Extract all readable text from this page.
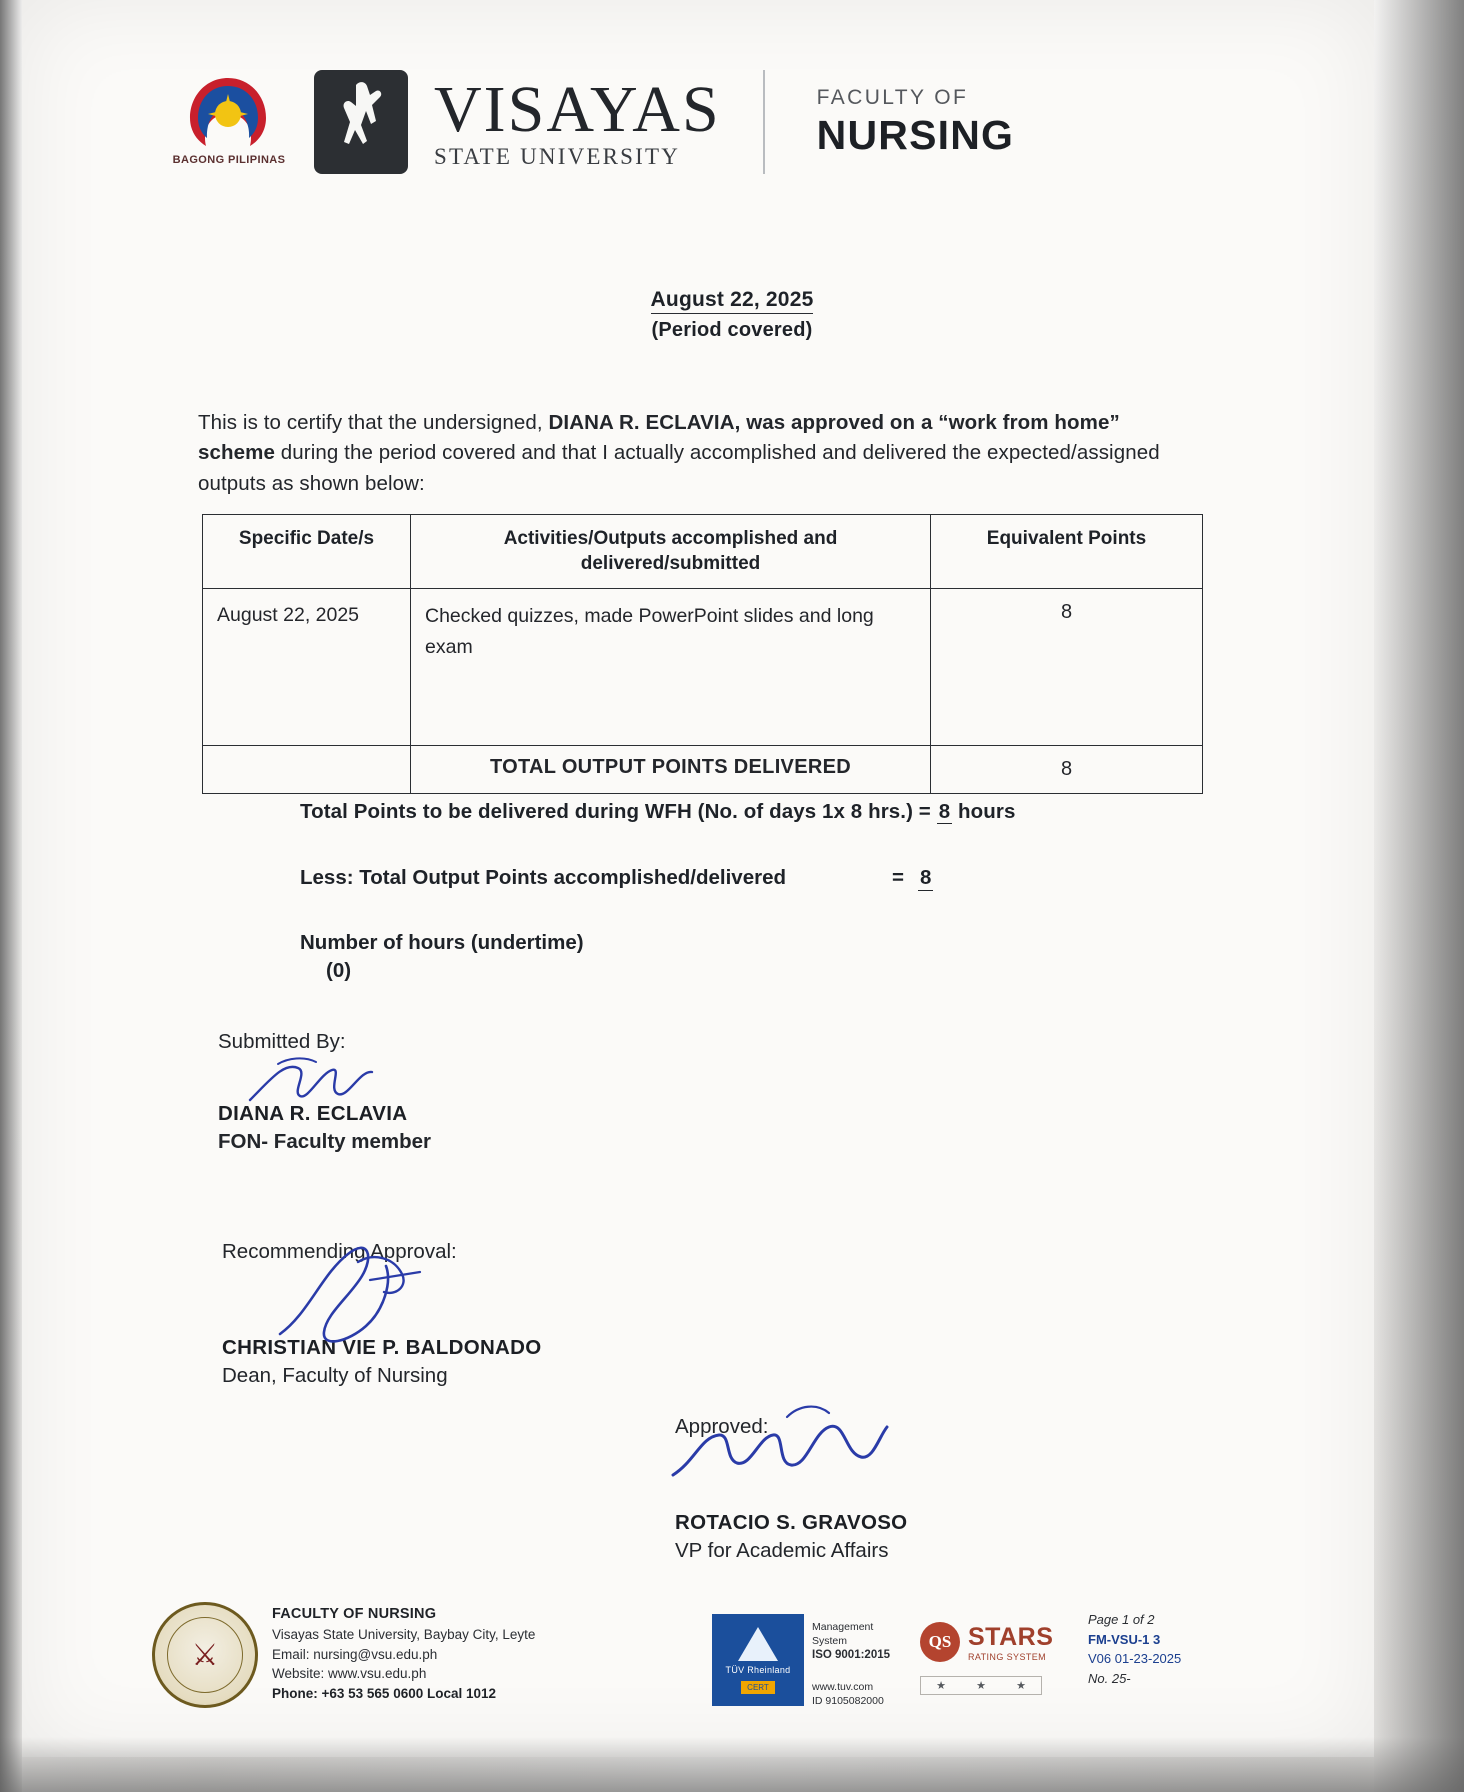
BAGONG PILIPINAS
VISAYAS
STATE UNIVERSITY
FACULTY OF
NURSING
August 22, 2025
(Period covered)
This is to certify that the undersigned, DIANA R. ECLAVIA, was approved on a “work from home” scheme during the period covered and that I actually accomplished and delivered the expected/assigned outputs as shown below:
Specific Date/s	Activities/Outputs accomplished and delivered/submitted	Equivalent Points
August 22, 2025	Checked quizzes, made PowerPoint slides and long exam	8
	TOTAL OUTPUT POINTS DELIVERED	8
Total Points to be delivered during WFH (No. of days 1x 8 hrs.) = 8 hours
Less: Total Output Points accomplished/delivered	= 8
Number of hours (undertime)
(0)
Submitted By:
DIANA R. ECLAVIA
FON- Faculty member
Recommending Approval:
CHRISTIAN VIE P. BALDONADO
Dean, Faculty of Nursing
Approved:
ROTACIO S. GRAVOSO
VP for Academic Affairs
⚔
FACULTY OF NURSING
Visayas State University, Baybay City, Leyte
Email: nursing@vsu.edu.ph
Website: www.vsu.edu.ph
Phone: +63 53 565 0600 Local 1012
TÜV Rheinland
CERT
Management
System
ISO 9001:2015
www.tuv.com
ID 9105082000
QS STARS
RATING SYSTEM
★	★	★
Page 1 of 2
FM-VSU-1 3
V06 01-23-2025
No. 25-
